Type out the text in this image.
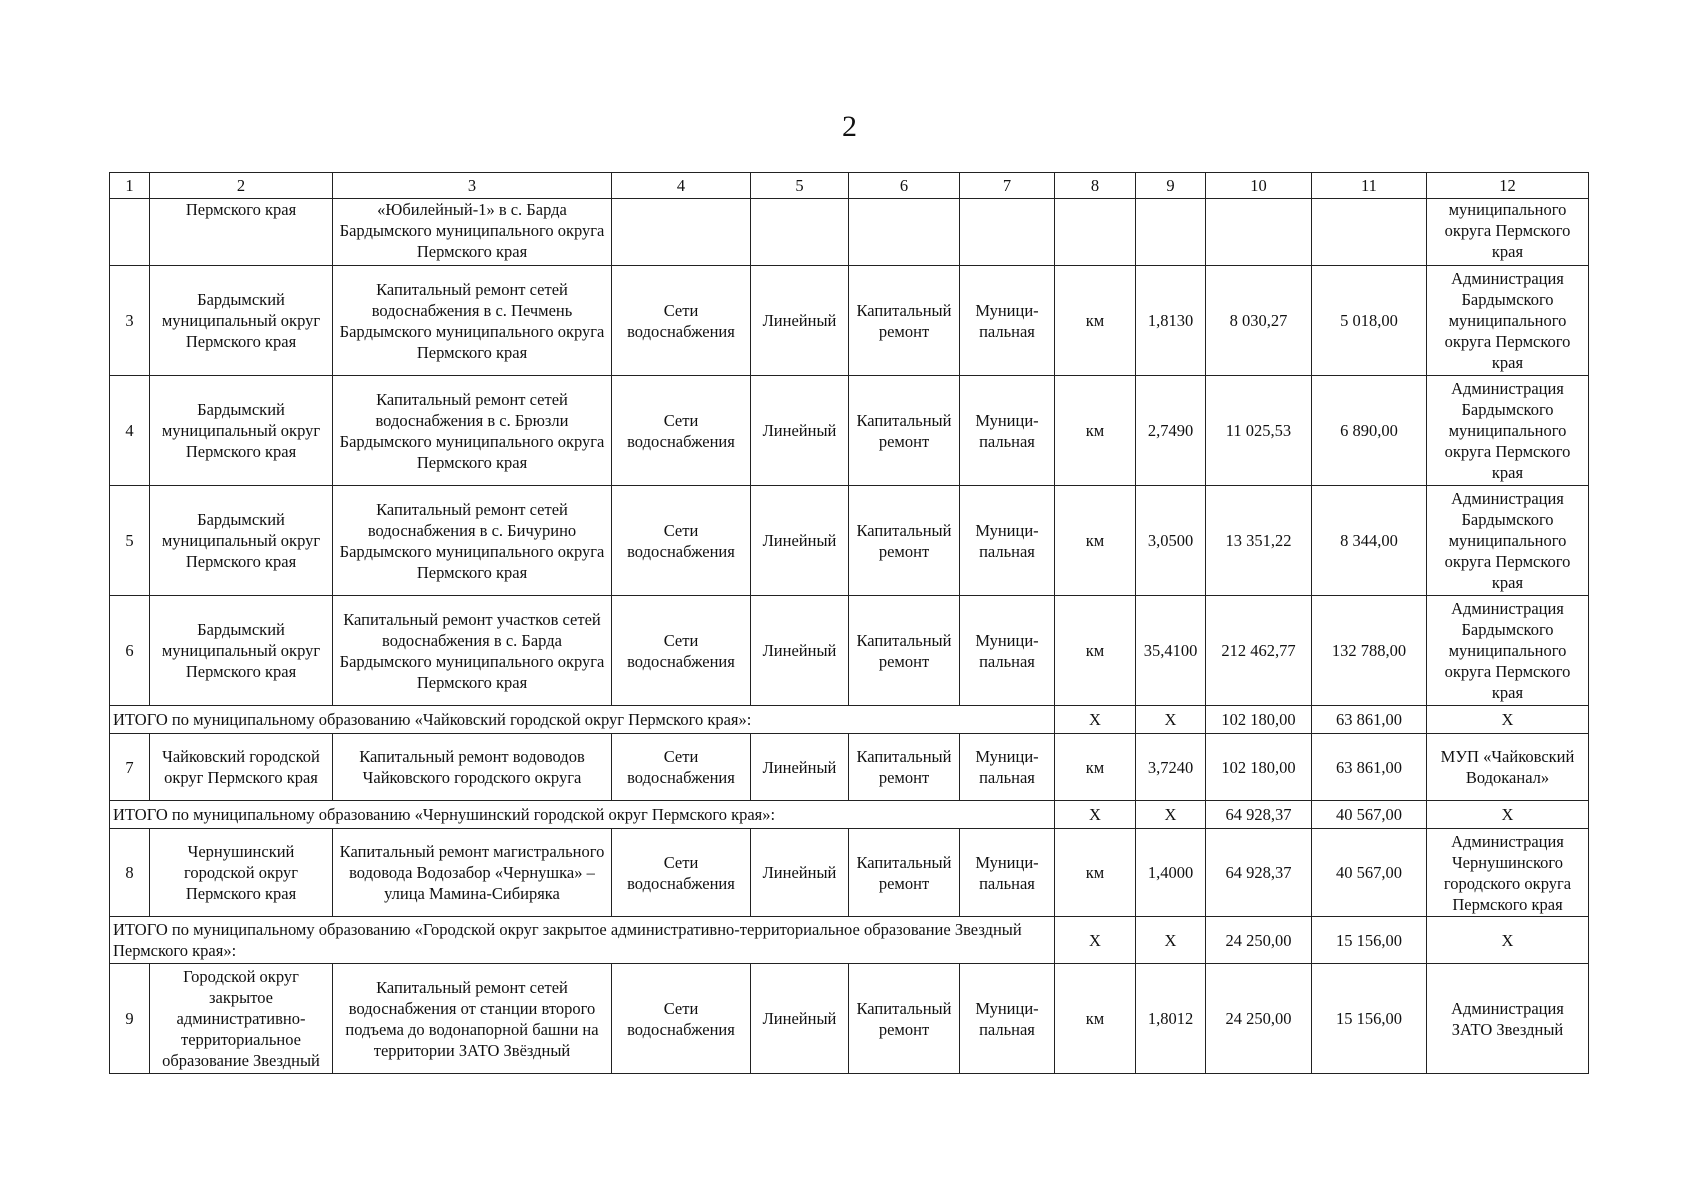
2
1	2	3	4	5	6	7	8	9	10	11	12
	Пермского края	«Юбилейный-1» в с. Барда Бардымского муниципального округа Пермского края									муниципального округа Пермского края
3	Бардымский муниципальный округ Пермского края	Капитальный ремонт сетей водоснабжения в с. Печмень Бардымского муниципального округа Пермского края	Сети водоснабжения	Линейный	Капитальный ремонт	Муници-пальная	км	1,8130	8 030,27	5 018,00	Администрация Бардымского муниципального округа Пермского края
4	Бардымский муниципальный округ Пермского края	Капитальный ремонт сетей водоснабжения в с. Брюзли Бардымского муниципального округа Пермского края	Сети водоснабжения	Линейный	Капитальный ремонт	Муници-пальная	км	2,7490	11 025,53	6 890,00	Администрация Бардымского муниципального округа Пермского края
5	Бардымский муниципальный округ Пермского края	Капитальный ремонт сетей водоснабжения в с. Бичурино Бардымского муниципального округа Пермского края	Сети водоснабжения	Линейный	Капитальный ремонт	Муници-пальная	км	3,0500	13 351,22	8 344,00	Администрация Бардымского муниципального округа Пермского края
6	Бардымский муниципальный округ Пермского края	Капитальный ремонт участков сетей водоснабжения в с. Барда Бардымского муниципального округа Пермского края	Сети водоснабжения	Линейный	Капитальный ремонт	Муници-пальная	км	35,4100	212 462,77	132 788,00	Администрация Бардымского муниципального округа Пермского края
ИТОГО по муниципальному образованию «Чайковский городской округ Пермского края»:							X	X	102 180,00	63 861,00	X
7	Чайковский городской округ Пермского края	Капитальный ремонт водоводов Чайковского городского округа	Сети водоснабжения	Линейный	Капитальный ремонт	Муници-пальная	км	3,7240	102 180,00	63 861,00	МУП «Чайковский Водоканал»
ИТОГО по муниципальному образованию «Чернушинский городской округ Пермского края»:							X	X	64 928,37	40 567,00	X
8	Чернушинский городской округ Пермского края	Капитальный ремонт магистрального водовода Водозабор «Чернушка» – улица Мамина-Сибиряка	Сети водоснабжения	Линейный	Капитальный ремонт	Муници-пальная	км	1,4000	64 928,37	40 567,00	Администрация Чернушинского городского округа Пермского края
ИТОГО по муниципальному образованию «Городской округ закрытое административно-территориальное образование Звездный Пермского края»:							X	X	24 250,00	15 156,00	X
9	Городской округ закрытое административно-территориальное образование Звездный	Капитальный ремонт сетей водоснабжения от станции второго подъема до водонапорной башни на территории ЗАТО Звёздный	Сети водоснабжения	Линейный	Капитальный ремонт	Муници-пальная	км	1,8012	24 250,00	15 156,00	Администрация ЗАТО Звездный
